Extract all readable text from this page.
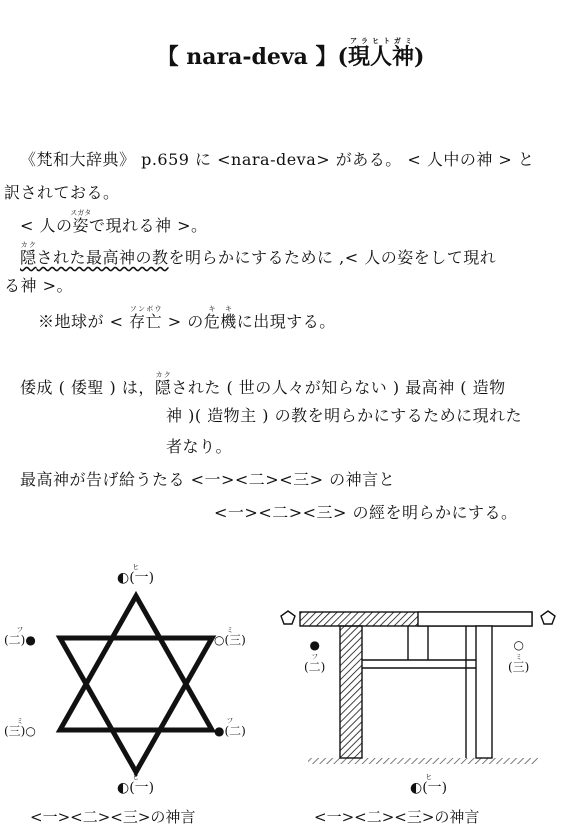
【 nara-deva 】(現人神アラヒトガミ)
《梵和大辞典》 p.659 に <nara-deva> がある。 < 人中の神 > と
訳されておる。
< 人の姿スガタで現れる神 >。
隠カクされた最高神の教を明らかにするために ,< 人の姿をして現れ
る神 >。
※地球が < 存亡ソンボウ > の危機キキに出現する。
倭成 ( 倭聖 ) は，隠カクされた ( 世の人々が知らない ) 最高神 ( 造物
神 )( 造物主 ) の教を明らかにするために現れた
者なり。
最高神が告げ給うたる <一><二><三> の神言と
<一><二><三> の經を明らかにする。
◐(一)ヒ
(二)●フ
○(三)ミ
(三)○ミ
●(二)フ
◐(一)ヒ
<一><二><三>の神言
●
(二)フ
○
(三)ミ
◐(一)ヒ
<一><二><三>の神言
